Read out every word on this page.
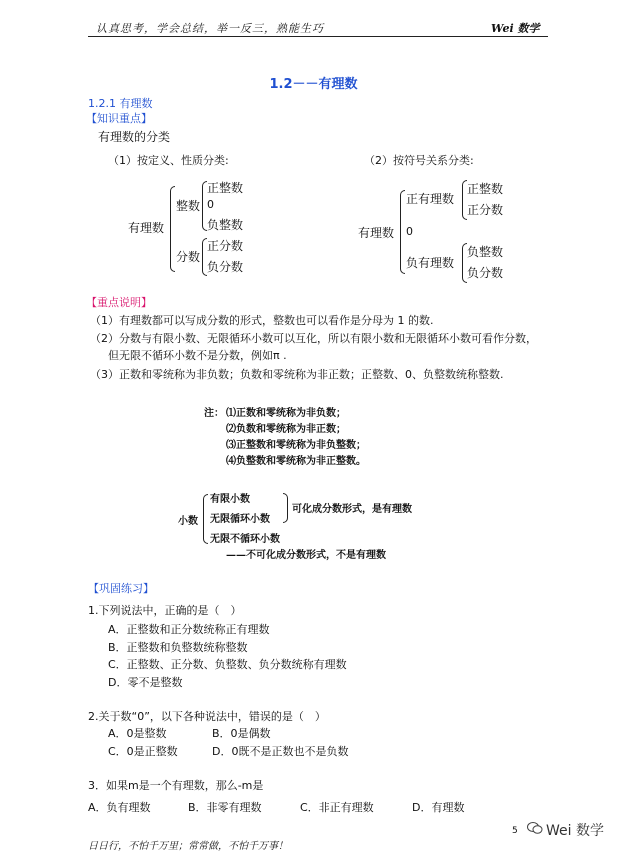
认真思考，学会总结，举一反三，熟能生巧	Wei 数学
1.2－－有理数
1.2.1 有理数
【知识重点】
有理数的分类
（1）按定义、性质分类:
有理数
整数
正整数
0
负整数
分数
正分数
负分数
（2）按符号关系分类:
有理数
正有理数
正整数
正分数
0
负有理数
负整数
负分数
【重点说明】
（1）有理数都可以写成分数的形式，整数也可以看作是分母为 1 的数.
（2）分数与有限小数、无限循环小数可以互化，所以有限小数和无限循环小数可看作分数，
但无限不循环小数不是分数，例如π .
（3）正数和零统称为非负数；负数和零统称为非正数；正整数、0、负整数统称整数.
注： ⑴正数和零统称为非负数；
⑵负数和零统称为非正数；
⑶正整数和零统称为非负整数；
⑷负整数和零统称为非正整数。
小数
有限小数
无限循环小数
可化成分数形式，是有理数
无限不循环小数
——不可化成分数形式，不是有理数
【巩固练习】
1.下列说法中，正确的是（　）
A．正整数和正分数统称正有理数
B．正整数和负整数统称整数
C．正整数、正分数、负整数、负分数统称有理数
D．零不是整数
2.关于数“0”，以下各种说法中，错误的是（　）
A．0是整数	B．0是偶数
C．0是正整数	D．0既不是正数也不是负数
3．如果m是一个有理数，那么-m是
A．负有理数	B．非零有理数	C．非正有理数	D．有理数
5 Wei 数学
日日行，不怕千万里；常常做，不怕千万事！
